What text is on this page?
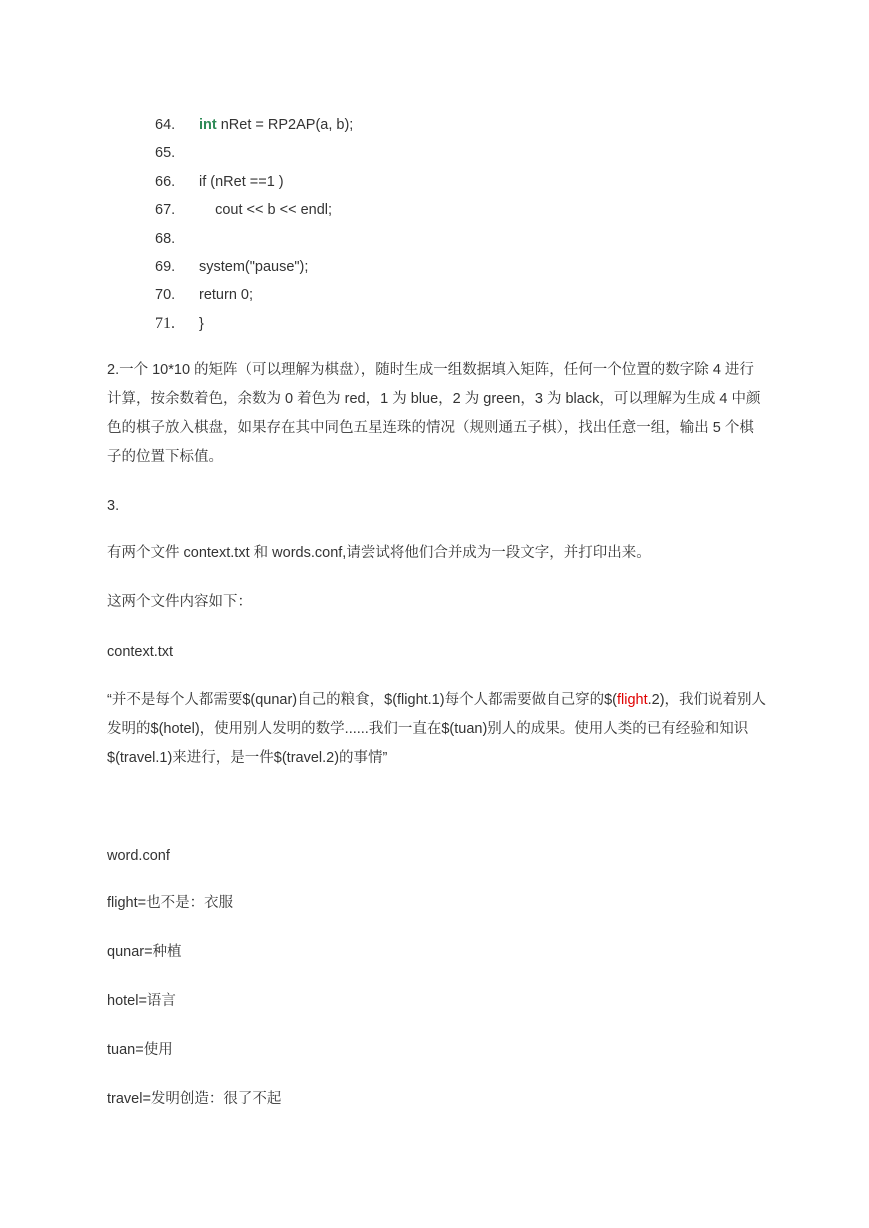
64. int nRet = RP2AP(a, b);
65.
66. if (nRet ==1 )
67.    cout << b << endl;
68.
69. system("pause");
70. return 0;
71. }
2.一个 10*10 的矩阵（可以理解为棋盘），随时生成一组数据填入矩阵，任何一个位置的数字除 4 进行计算，按余数着色，余数为 0 着色为 red，1 为 blue，2 为 green，3 为 black，可以理解为生成 4 中颜色的棋子放入棋盘，如果存在其中同色五星连珠的情况（规则通五子棋），找出任意一组，输出 5 个棋子的位置下标值。
3.
有两个文件 context.txt 和 words.conf,请尝试将他们合并成为一段文字，并打印出来。
这两个文件内容如下：
context.txt
“并不是每个人都需要$(qunar)自己的粮食，$(flight.1)每个人都需要做自己穿的$(flight.2)，我们说着别人发明的$(hotel)，使用别人发明的数学......我们一直在$(tuan)别人的成果。使用人类的已有经验和知识$(travel.1)来进行，是一件$(travel.2)的事情”
word.conf
flight=也不是：衣服
qunar=种植
hotel=语言
tuan=使用
travel=发明创造：很了不起
